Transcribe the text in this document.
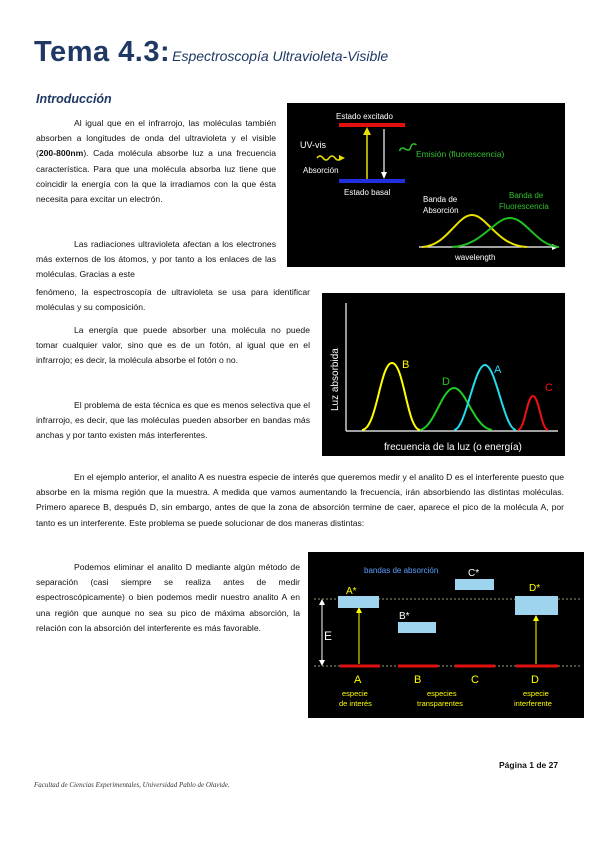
Tema 4.3: Espectroscopía Ultravioleta-Visible
Introducción
Al igual que en el infrarrojo, las moléculas también absorben a longitudes de onda del ultravioleta y el visible (200-800nm). Cada molécula absorbe luz a una frecuencia característica. Para que una molécula absorba luz tiene que coincidir la energía con la que la irradiamos con la que ésta necesita para excitar un electrón.
Las radiaciones ultravioleta afectan a los electrones más externos de los átomos, y por tanto a los enlaces de las moléculas. Gracias a este
fenómeno, la espectroscopía de ultravioleta se usa para identificar moléculas y su composición.
La energía que puede absorber una molécula no puede tomar cualquier valor, sino que es de un fotón, al igual que en el infrarrojo; es decir, la molécula absorbe el fotón o no.
El problema de esta técnica es que es menos selectiva que el infrarrojo, es decir, que las moléculas pueden absorber en bandas más anchas y por tanto existen más interferentes.
En el ejemplo anterior, el analito A es nuestra especie de interés que queremos medir y el analito D es el interferente puesto que absorbe en la misma región que la muestra. A medida que vamos aumentando la frecuencia, irán absorbiendo las distintas moléculas. Primero aparece B, después D, sin embargo, antes de que la zona de absorción termine de caer, aparece el pico de la molécula A, por tanto es un interferente. Este problema se puede solucionar de dos maneras distintas:
Podemos eliminar el analito D mediante algún método de separación (casi siempre se realiza antes de medir espectroscópicamente) o bien podemos medir nuestro analito A en una región que aunque no sea su pico de máxima absorción, la relación con la absorción del interferente es más favorable.
Estado excitado
Estado basal
UV-vis
Absorción
Emisión (fluorescencia)
Banda de
Absorción
Bandа de
Fluorescencia
wavelength
Luz absorbida
frecuencia de la luz (o energía)
B
D
A
C
bandas de absorción
E
A*
B*
C*
D*
A	B	C	D
especie
de interés
especies
transparentes
especie
interferente
Página 1 de 27
Facultad de Ciencias Experimentales, Universidad Pablo de Olavide.
